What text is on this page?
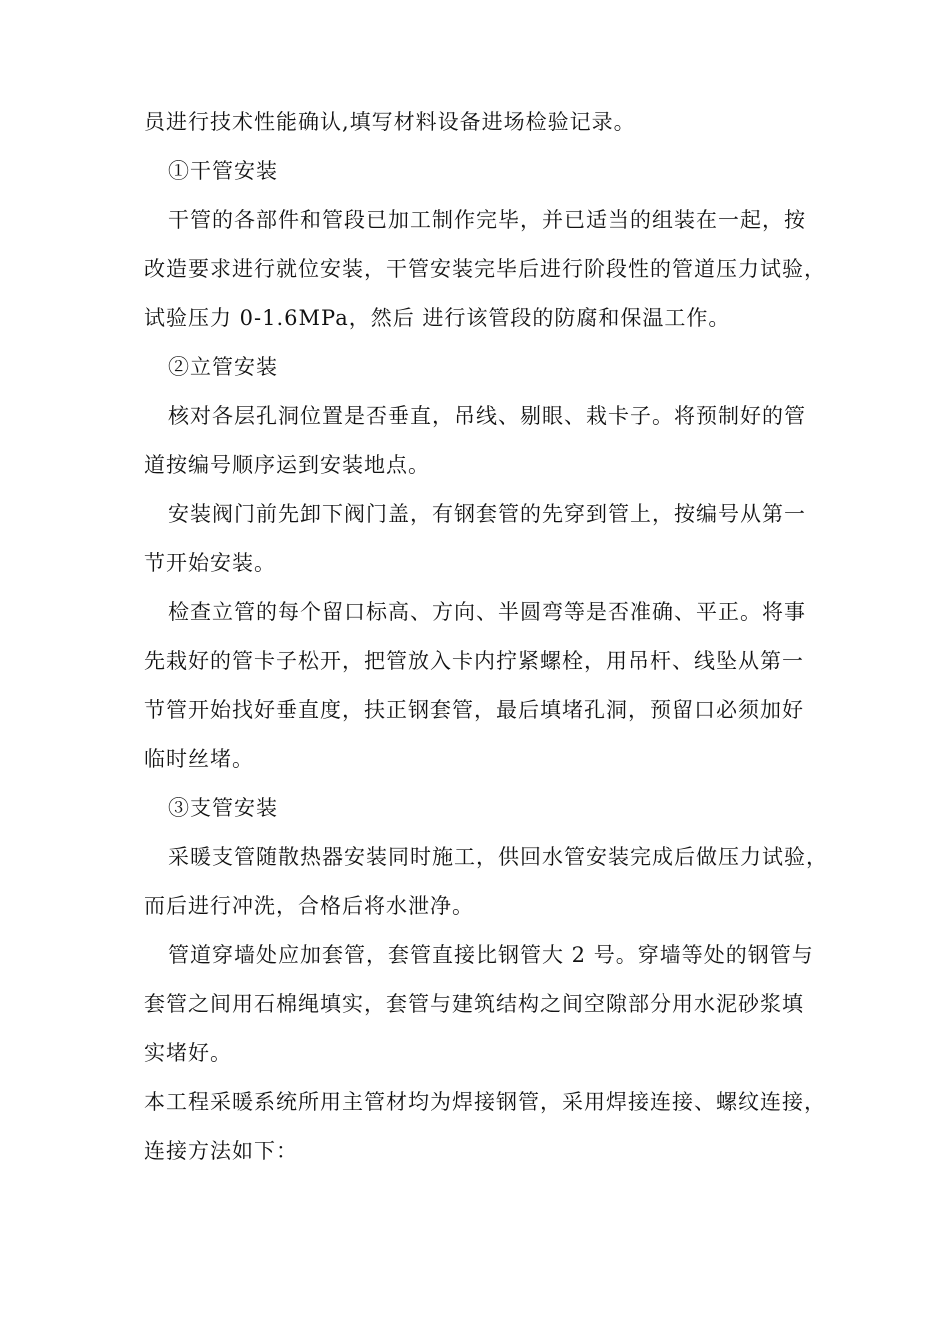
员进行技术性能确认,填写材料设备进场检验记录。
①干管安装
干管的各部件和管段已加工制作完毕，并已适当的组装在一起，按
改造要求进行就位安装，干管安装完毕后进行阶段性的管道压力试验，
试验压力 0-1.6MPa，然后 进行该管段的防腐和保温工作。
②立管安装
核对各层孔洞位置是否垂直，吊线、剔眼、栽卡子。将预制好的管
道按编号顺序运到安装地点。
安装阀门前先卸下阀门盖，有钢套管的先穿到管上，按编号从第一
节开始安装。
检查立管的每个留口标高、方向、半圆弯等是否准确、平正。将事
先栽好的管卡子松开，把管放入卡内拧紧螺栓，用吊杆、线坠从第一
节管开始找好垂直度，扶正钢套管，最后填堵孔洞，预留口必须加好
临时丝堵。
③支管安装
采暖支管随散热器安装同时施工，供回水管安装完成后做压力试验，
而后进行冲洗，合格后将水泄净。
管道穿墙处应加套管，套管直接比钢管大 2 号。穿墙等处的钢管与
套管之间用石棉绳填实，套管与建筑结构之间空隙部分用水泥砂浆填
实堵好。
本工程采暖系统所用主管材均为焊接钢管，采用焊接连接、螺纹连接，
连接方法如下：
